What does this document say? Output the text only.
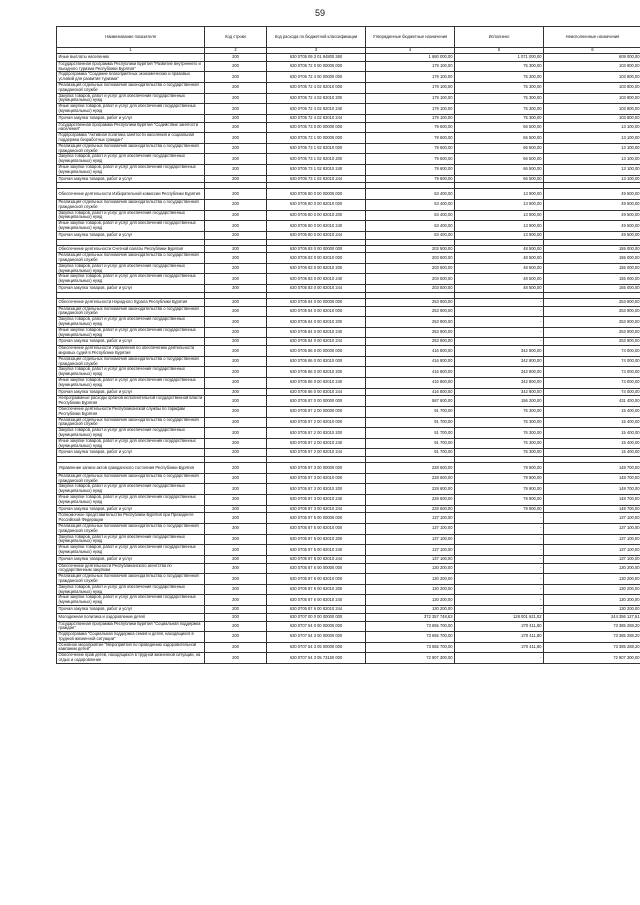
59
Наименование показателя	Код строки	Код расхода по бюджетной классификации	Утвержденные бюджетные назначения	Исполнено	Неисполненные назначения
1	2	3	4	5	6
Иные выплаты населению	200	630 0705 09 3 01 84800 360	1 680 000,00	1 071 000,00	609 000,00
Государственная программа Республики Бурятия "Развитие внутреннего и въездного туризма Республики Бурятия"	200	630 0705 72 0 00 00000 000	179 100,00	75 300,00	103 800,00
Подпрограмма "Создание благоприятных экономических и правовых условий для развития туризма"	200	630 0705 72 4 00 00000 000	179 100,00	75 300,00	103 800,00
Реализация отдельных полномочий законодательства о государственной гражданской службе	200	630 0705 72 4 02 82010 000	179 100,00	75 300,00	103 800,00
Закупка товаров, работ и услуг для обеспечения государственных (муниципальных) нужд	200	630 0705 72 4 02 82010 200	179 100,00	75 300,00	103 800,00
Иные закупки товаров, работ и услуг для обеспечения государственных (муниципальных) нужд	200	630 0705 72 4 02 82010 240	179 100,00	75 300,00	103 800,00
Прочая закупка товаров, работ и услуг	200	630 0705 72 4 02 82010 244	179 100,00	75 300,00	103 800,00
Государственная программа Республики Бурятия "Содействие занятости населения"	200	630 0705 73 0 00 00000 000	79 600,00	66 500,00	13 100,00
Подпрограмма "Активная политика занятости населения и социальная поддержка безработных граждан"	200	630 0705 73 1 00 00000 000	79 600,00	66 500,00	13 100,00
Реализация отдельных полномочий законодательства о государственной гражданской службе	200	630 0705 73 1 02 82010 000	79 600,00	66 500,00	13 100,00
Закупка товаров, работ и услуг для обеспечения государственных (муниципальных) нужд	200	630 0705 73 1 02 82010 200	79 600,00	66 500,00	13 100,00
Иные закупки товаров, работ и услуг для обеспечения государственных (муниципальных) нужд	200	630 0705 73 1 02 82010 240	79 600,00	66 500,00	13 100,00
Прочая закупка товаров, работ и услуг	200	630 0705 73 1 02 82010 244	79 600,00	66 500,00	13 100,00

Обеспечение деятельности Избирательной комиссии Республики Бурятия	200	630 0705 80 0 00 00000 000	63 400,00	13 900,00	49 500,00
Реализация отдельных полномочий законодательства о государственной гражданской службе	200	630 0705 80 0 00 82010 000	63 400,00	13 900,00	49 500,00
Закупка товаров, работ и услуг для обеспечения государственных (муниципальных) нужд	200	630 0705 80 0 00 82010 200	63 400,00	13 900,00	49 500,00
Иные закупки товаров, работ и услуг для обеспечения государственных (муниципальных) нужд	200	630 0705 80 0 00 82010 240	63 400,00	13 900,00	49 500,00
Прочая закупка товаров, работ и услуг	200	630 0705 80 0 00 82010 244	63 400,00	13 900,00	49 500,00

Обеспечение деятельности Счетной палаты Республики Бурятия	200	630 0705 83 0 00 00000 000	203 500,00	48 500,00	155 000,00
Реализация отдельных полномочий законодательства о государственной гражданской службе	200	630 0705 83 0 00 82010 000	203 500,00	48 500,00	155 000,00
Закупка товаров, работ и услуг для обеспечения государственных (муниципальных) нужд	200	630 0705 83 0 00 82010 200	203 500,00	48 500,00	155 000,00
Иные закупки товаров, работ и услуг для обеспечения государственных (муниципальных) нужд	200	630 0705 83 0 00 82010 240	203 500,00	48 500,00	155 000,00
Прочая закупка товаров, работ и услуг	200	630 0705 83 0 00 82010 244	203 500,00	48 500,00	155 000,00

Обеспечение деятельности Народного Хурала Республики Бурятия	200	630 0705 84 0 00 00000 000	253 900,00	-	253 900,00
Реализация отдельных полномочий законодательства о государственной гражданской службе	200	630 0705 84 0 00 82010 000	253 900,00	-	253 900,00
Закупка товаров, работ и услуг для обеспечения государственных (муниципальных) нужд	200	630 0705 84 0 00 82010 200	253 900,00	-	253 900,00
Иные закупки товаров, работ и услуг для обеспечения государственных (муниципальных) нужд	200	630 0705 84 0 00 82010 240	253 900,00	-	253 900,00
Прочая закупка товаров, работ и услуг	200	630 0705 84 0 00 82010 244	253 900,00	-	253 900,00
Обеспечение деятельности Управления по обеспечению деятельности мировых судей в Республике Бурятия	200	630 0705 86 0 00 00000 000	416 800,00	342 800,00	74 000,00
Реализация отдельных полномочий законодательства о государственной гражданской службе	200	630 0705 86 0 00 82010 000	416 800,00	342 800,00	74 000,00
Закупка товаров, работ и услуг для обеспечения государственных (муниципальных) нужд	200	630 0705 86 0 00 82010 200	416 800,00	342 800,00	74 000,00
Иные закупки товаров, работ и услуг для обеспечения государственных (муниципальных) нужд	200	630 0705 86 0 00 82010 240	416 800,00	342 800,00	74 000,00
Прочая закупка товаров, работ и услуг	200	630 0705 86 0 00 82010 244	416 800,00	342 800,00	74 000,00
Непрограммные расходы органов исполнительной государственной власти Республики Бурятия	200	630 0705 87 0 00 00000 000	587 600,00	156 200,00	431 400,00
Обеспечение деятельности Республиканской службы по тарифам Республики Бурятия	200	630 0705 87 2 00 00000 000	91 700,00	76 300,00	15 400,00
Реализация отдельных полномочий законодательства о государственной гражданской службе	200	630 0705 87 2 00 82010 000	91 700,00	76 300,00	15 400,00
Закупка товаров, работ и услуг для обеспечения государственных (муниципальных) нужд	200	630 0705 87 2 00 82010 200	91 700,00	76 300,00	15 400,00
Иные закупки товаров, работ и услуг для обеспечения государственных (муниципальных) нужд	200	630 0705 87 2 00 82010 240	91 700,00	76 300,00	15 400,00
Прочая закупка товаров, работ и услуг	200	630 0705 87 2 00 82010 244	91 700,00	76 300,00	15 400,00

Управление записи актов гражданского состояния Республики Бурятия	200	630 0705 87 3 00 00000 000	228 600,00	79 900,00	148 700,00
Реализация отдельных полномочий законодательства о государственной гражданской службе	200	630 0705 87 3 00 82010 000	228 600,00	79 900,00	148 700,00
Закупка товаров, работ и услуг для обеспечения государственных (муниципальных) нужд	200	630 0705 87 3 00 82010 200	228 600,00	79 900,00	148 700,00
Иные закупки товаров, работ и услуг для обеспечения государственных (муниципальных) нужд	200	630 0705 87 3 00 82010 240	228 600,00	79 900,00	148 700,00
Прочая закупка товаров, работ и услуг	200	630 0705 87 3 00 82010 244	228 600,00	79 900,00	148 700,00
Полномочное представительство Республики Бурятия при Президенте Российской Федерации	200	630 0705 87 5 00 00000 000	137 100,00	-	137 100,00
Реализация отдельных полномочий законодательства о государственной гражданской службе	200	630 0705 87 5 00 82010 000	137 100,00	-	137 100,00
Закупка товаров, работ и услуг для обеспечения государственных (муниципальных) нужд	200	630 0705 87 5 00 82010 200	137 100,00	-	137 100,00
Иные закупки товаров, работ и услуг для обеспечения государственных (муниципальных) нужд	200	630 0705 87 5 00 82010 240	137 100,00	-	137 100,00
Прочая закупка товаров, работ и услуг	200	630 0705 87 5 00 82010 244	137 100,00	-	137 100,00
Обеспечение деятельности Республиканского агентства по государственным закупкам	200	630 0705 87 6 00 00000 000	130 200,00	-	130 200,00
Реализация отдельных полномочий законодательства о государственной гражданской службе	200	630 0705 87 6 00 82010 000	130 200,00	-	130 200,00
Закупка товаров, работ и услуг для обеспечения государственных (муниципальных) нужд	200	630 0705 87 6 00 82010 200	130 200,00	-	130 200,00
Иные закупки товаров, работ и услуг для обеспечения государственных (муниципальных) нужд	200	630 0705 87 6 00 82010 240	130 200,00	-	130 200,00
Прочая закупка товаров, работ и услуг	200	630 0705 87 6 00 82010 244	130 200,00	-	130 200,00
Молодежная политика и оздоровление детей	200	630 0707 00 0 00 00000 000	372 357 748,63	128 001 621,02	244 356 127,61
Государственная программа Республики Бурятия "Социальная поддержка граждан"	200	630 0707 54 0 00 00000 000	73 655 700,00	270 411,80	73 385 288,20
Подпрограмма "Социальная поддержка семей и детей, находящихся в трудной жизненной ситуации"	200	630 0707 54 3 00 00000 000	73 655 700,00	270 411,80	73 385 288,20
Основное мероприятие "Мероприятия по проведению оздоровительной кампании детей"	200	630 0707 54 3 05 00000 000	73 655 700,00	270 411,80	73 385 288,20
Обеспечение прав детей, находящихся в трудной жизненной ситуации, на отдых и оздоровление	200	630 0707 54 3 05 73150 000	72 907 300,00	-	72 907 300,00
